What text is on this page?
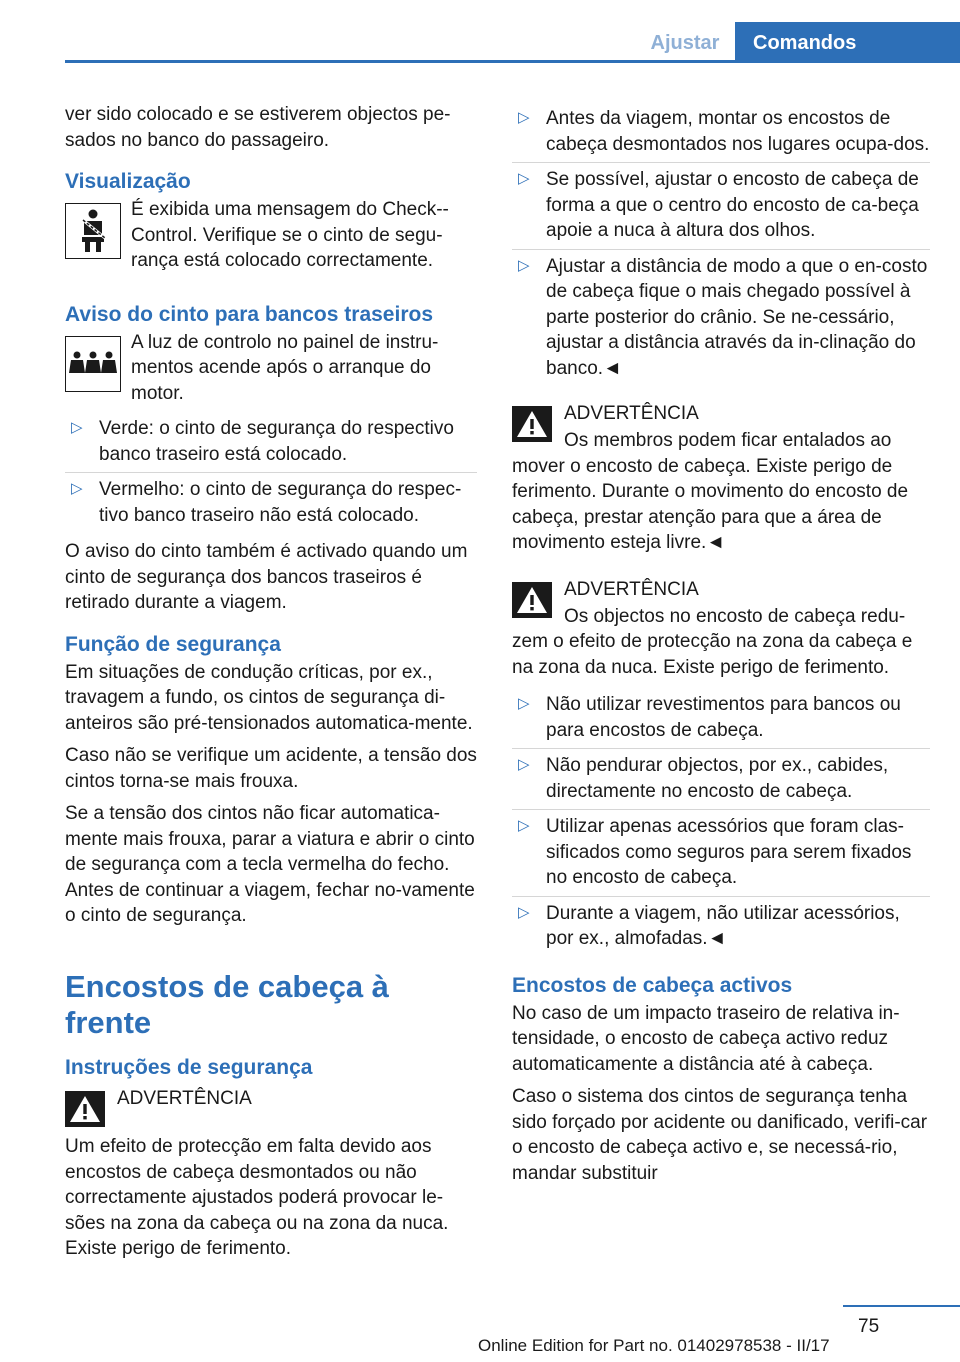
Ajustar	Comandos

ver sido colocado e se estiverem objectos pe-sados no banco do passageiro.

Visualização
É exibida uma mensagem do Check--Control. Verifique se o cinto de segu-rança está colocado correctamente.
Aviso do cinto para bancos traseiros
A luz de controlo no painel de instru-mentos acende após o arranque do motor.
▷ Verde: o cinto de segurança do respectivo banco traseiro está colocado.
▷ Vermelho: o cinto de segurança do respec-tivo banco traseiro não está colocado.

O aviso do cinto também é activado quando um cinto de segurança dos bancos traseiros é retirado durante a viagem.

Função de segurança

Em situações de condução críticas, por ex., travagem a fundo, os cintos de segurança di-anteiros são pré-tensionados automatica-mente.

Caso não se verifique um acidente, a tensão dos cintos torna-se mais frouxa.

Se a tensão dos cintos não ficar automatica-mente mais frouxa, parar a viatura e abrir o cinto de segurança com a tecla vermelha do fecho. Antes de continuar a viagem, fechar no-vamente o cinto de segurança.

Encostos de cabeça à frente
Instruções de segurança
ADVERTÊNCIA

Um efeito de protecção em falta devido aos encostos de cabeça desmontados ou não correctamente ajustados poderá provocar le-sões na zona da cabeça ou na zona da nuca. Existe perigo de ferimento.
▷ Antes da viagem, montar os encostos de cabeça desmontados nos lugares ocupa-dos.
▷ Se possível, ajustar o encosto de cabeça de forma a que o centro do encosto de ca-beça apoie a nuca à altura dos olhos.
▷ Ajustar a distância de modo a que o en-costo de cabeça fique o mais chegado possível à parte posterior do crânio. Se ne-cessário, ajustar a distância através da in-clinação do banco.◄
ADVERTÊNCIA
Os membros podem ficar entalados ao mover o encosto de cabeça. Existe perigo de ferimento. Durante o movimento do encosto de cabeça, prestar atenção para que a área de movimento esteja livre.◄
ADVERTÊNCIA
Os objectos no encosto de cabeça redu-zem o efeito de protecção na zona da cabeça e na zona da nuca. Existe perigo de ferimento.
▷ Não utilizar revestimentos para bancos ou para encostos de cabeça.
▷ Não pendurar objectos, por ex., cabides, directamente no encosto de cabeça.
▷ Utilizar apenas acessórios que foram clas-sificados como seguros para serem fixados no encosto de cabeça.
▷ Durante a viagem, não utilizar acessórios, por ex., almofadas.◄
Encostos de cabeça activos

No caso de um impacto traseiro de relativa in-tensidade, o encosto de cabeça activo reduz automaticamente a distância até à cabeça.

Caso o sistema dos cintos de segurança tenha sido forçado por acidente ou danificado, verifi-car o encosto de cabeça activo e, se necessá-rio, mandar substituir

75
Online Edition for Part no. 01402978538 - II/17
